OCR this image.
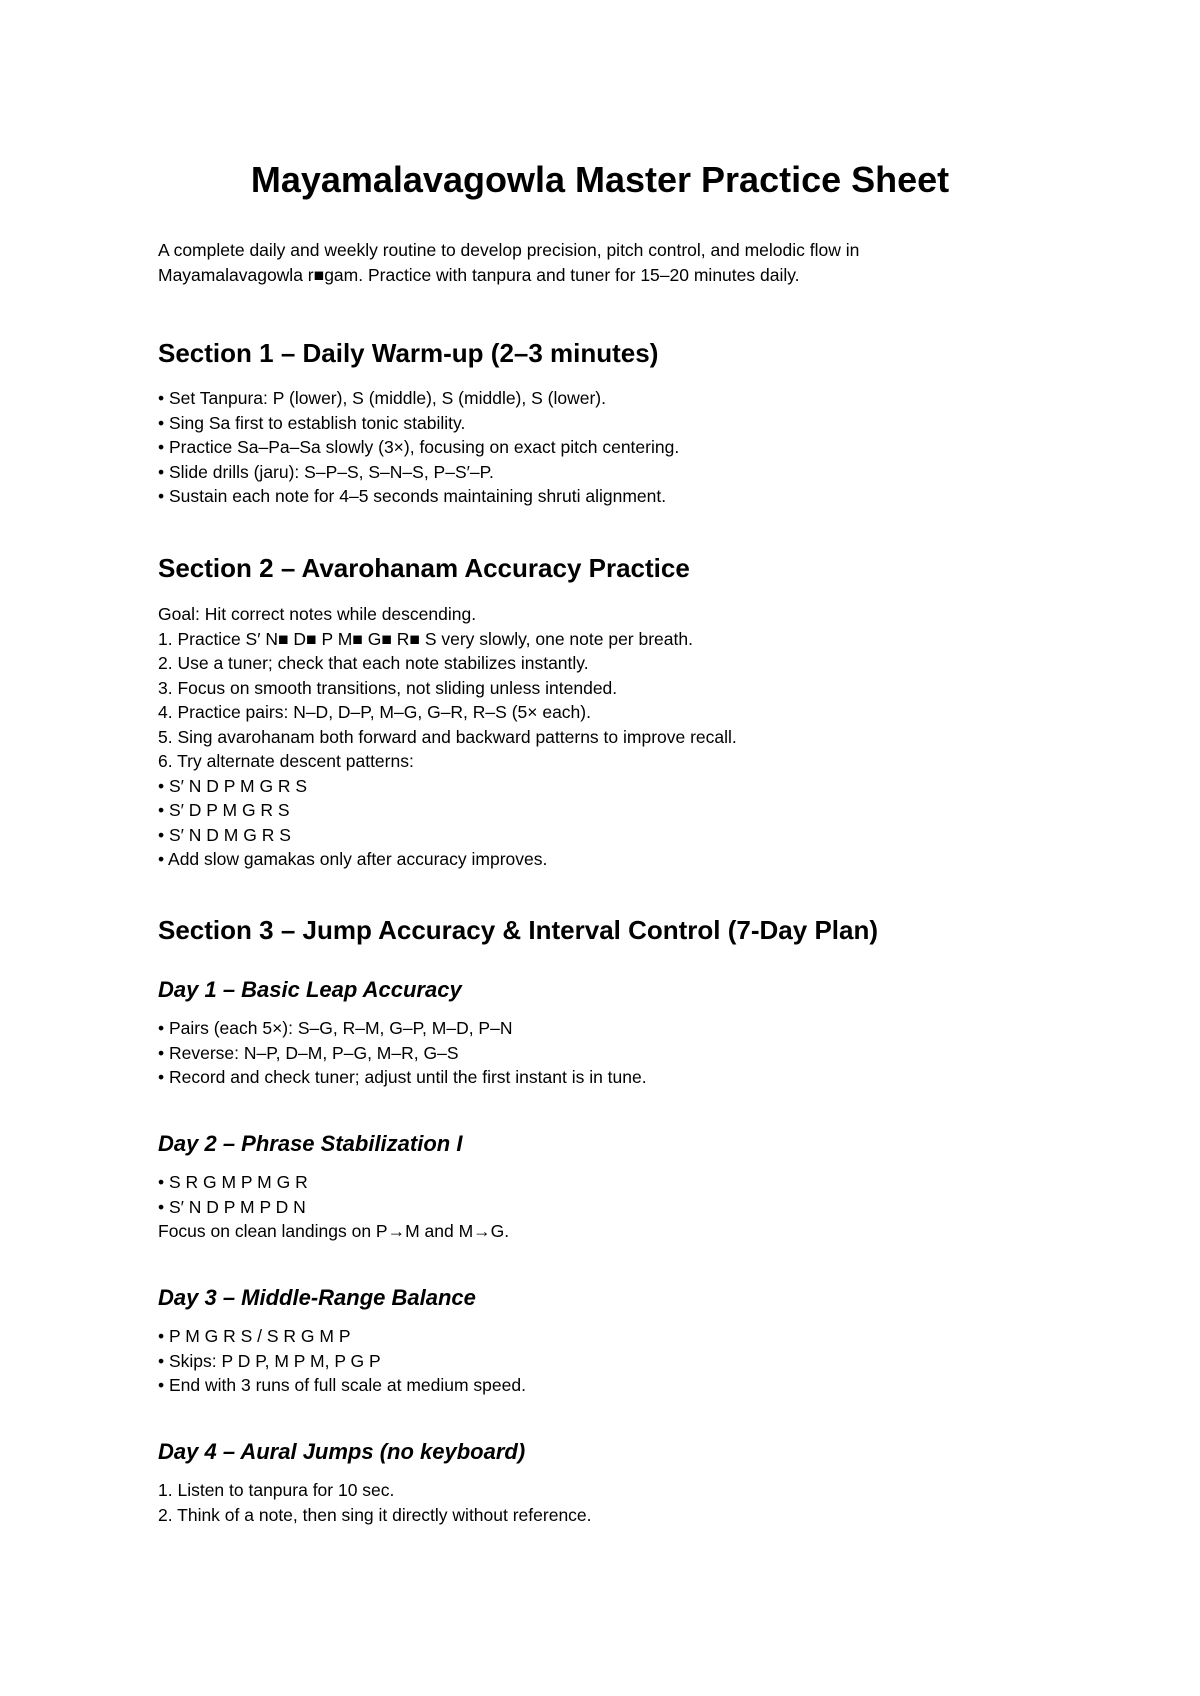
Mayamalavagowla Master Practice Sheet

A complete daily and weekly routine to develop precision, pitch control, and melodic flow in
Mayamalavagowla r■gam. Practice with tanpura and tuner for 15–20 minutes daily.

Section 1 – Daily Warm-up (2–3 minutes)
• Set Tanpura: P (lower), S (middle), S (middle), S (lower).
• Sing Sa first to establish tonic stability.
• Practice Sa–Pa–Sa slowly (3×), focusing on exact pitch centering.
• Slide drills (jaru): S–P–S, S–N–S, P–S′–P.
• Sustain each note for 4–5 seconds maintaining shruti alignment.
Section 2 – Avarohanam Accuracy Practice
Goal: Hit correct notes while descending.
1. Practice S′ N■ D■ P M■ G■ R■ S very slowly, one note per breath.
2. Use a tuner; check that each note stabilizes instantly.
3. Focus on smooth transitions, not sliding unless intended.
4. Practice pairs: N–D, D–P, M–G, G–R, R–S (5× each).
5. Sing avarohanam both forward and backward patterns to improve recall.
6. Try alternate descent patterns:
• S′ N D P M G R S
• S′ D P M G R S
• S′ N D M G R S
• Add slow gamakas only after accuracy improves.
Section 3 – Jump Accuracy & Interval Control (7-Day Plan)
Day 1 – Basic Leap Accuracy
• Pairs (each 5×): S–G, R–M, G–P, M–D, P–N
• Reverse: N–P, D–M, P–G, M–R, G–S
• Record and check tuner; adjust until the first instant is in tune.
Day 2 – Phrase Stabilization I
• S R G M P M G R
• S′ N D P M P D N
Focus on clean landings on P→M and M→G.
Day 3 – Middle-Range Balance
• P M G R S / S R G M P
• Skips: P D P, M P M, P G P
• End with 3 runs of full scale at medium speed.
Day 4 – Aural Jumps (no keyboard)
1. Listen to tanpura for 10 sec.
2. Think of a note, then sing it directly without reference.
